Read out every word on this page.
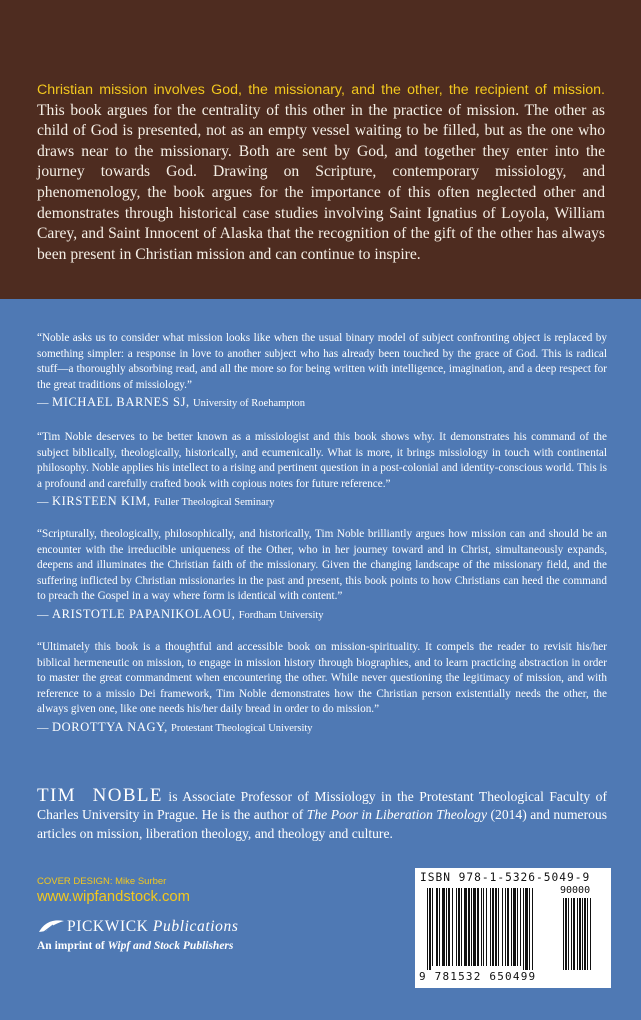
Christian mission involves God, the missionary, and the other, the recipient of mission. This book argues for the centrality of this other in the practice of mission. The other as child of God is presented, not as an empty vessel waiting to be filled, but as the one who draws near to the missionary. Both are sent by God, and together they enter into the journey towards God. Drawing on Scripture, contemporary missiology, and phenomenology, the book argues for the importance of this often neglected other and demonstrates through historical case studies involving Saint Ignatius of Loyola, William Carey, and Saint Innocent of Alaska that the recognition of the gift of the other has always been present in Christian mission and can continue to inspire.
“Noble asks us to consider what mission looks like when the usual binary model of subject confronting object is replaced by something simpler: a response in love to another subject who has already been touched by the grace of God. This is radical stuff—a thoroughly absorbing read, and all the more so for being written with intelligence, imagination, and a deep respect for the great traditions of missiology.”
— MICHAEL BARNES SJ, University of Roehampton
“Tim Noble deserves to be better known as a missiologist and this book shows why. It demonstrates his command of the subject biblically, theologically, historically, and ecumenically. What is more, it brings missiology in touch with continental philosophy. Noble applies his intellect to a rising and pertinent question in a post-colonial and identity-conscious world. This is a profound and carefully crafted book with copious notes for future reference.”
— KIRSTEEN KIM, Fuller Theological Seminary
“Scripturally, theologically, philosophically, and historically, Tim Noble brilliantly argues how mission can and should be an encounter with the irreducible uniqueness of the Other, who in her journey toward and in Christ, simultaneously expands, deepens and illuminates the Christian faith of the missionary. Given the changing landscape of the missionary field, and the suffering inflicted by Christian missionaries in the past and present, this book points to how Christians can heed the command to preach the Gospel in a way where form is identical with content.”
— ARISTOTLE PAPANIKOLAOU, Fordham University
“Ultimately this book is a thoughtful and accessible book on mission-spirituality. It compels the reader to revisit his/her biblical hermeneutic on mission, to engage in mission history through biographies, and to learn practicing abstraction in order to master the great commandment when encountering the other. While never questioning the legitimacy of mission, and with reference to a missio Dei framework, Tim Noble demonstrates how the Christian person existentially needs the other, the always given one, like one needs his/her daily bread in order to do mission.”
— DOROTTYA NAGY, Protestant Theological University
TIM NOBLE is Associate Professor of Missiology in the Protestant Theological Faculty of Charles University in Prague. He is the author of The Poor in Liberation Theology (2014) and numerous articles on mission, liberation theology, and theology and culture.
COVER DESIGN: Mike Surber
www.wipfandstock.com
PICKWICK Publications
An imprint of Wipf and Stock Publishers
ISBN 978-1-5326-5049-9
90000
9 781532 650499
